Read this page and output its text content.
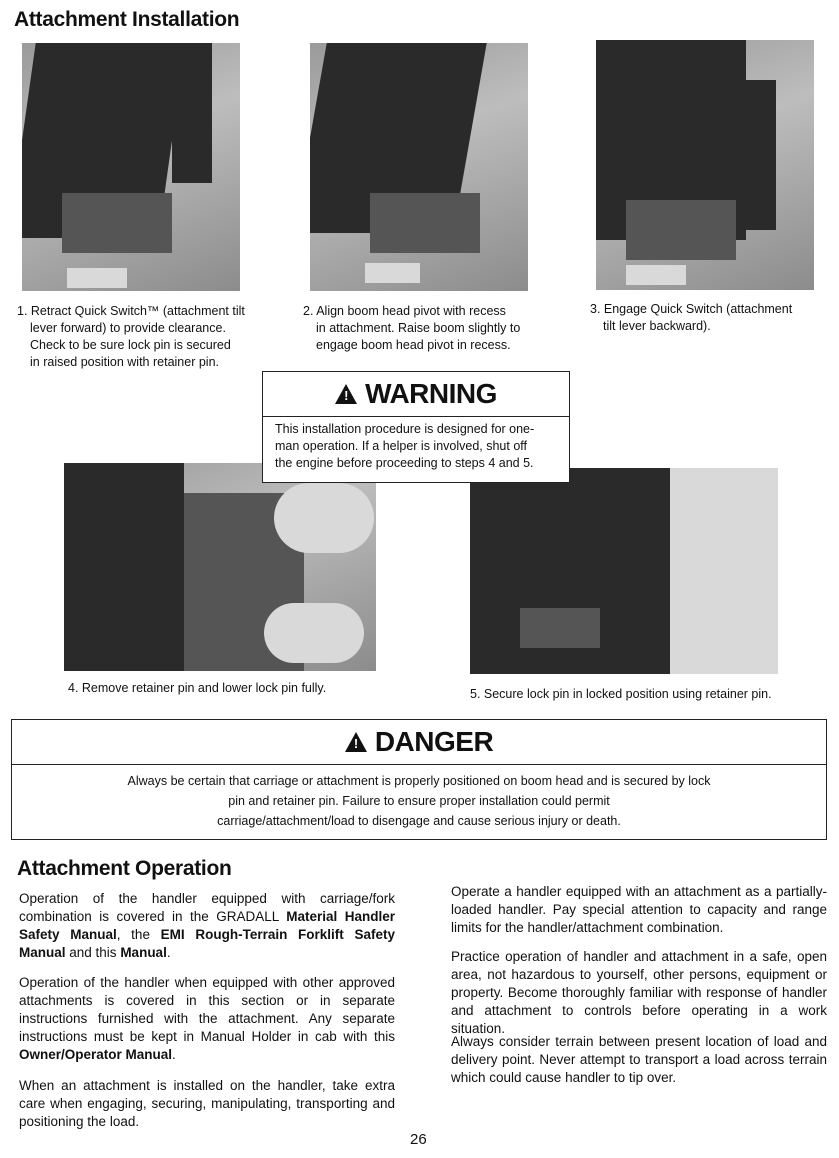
Attachment Installation
1. Retract Quick Switch™ (attachment tilt
lever forward) to provide clearance.
Check to be sure lock pin is secured
in raised position with retainer pin.
2. Align boom head pivot with recess
in attachment. Raise boom slightly to
engage boom head pivot in recess.
3. Engage Quick Switch (attachment
tilt lever backward).
! WARNING
This installation procedure is designed for one-
man operation. If a helper is involved, shut off
the engine before proceeding to steps 4 and 5.
4. Remove retainer pin and lower lock pin fully.	5. Secure lock pin in locked position using retainer pin.
! DANGER
Always be certain that carriage or attachment is properly positioned on boom head and is secured by lock
pin and retainer pin. Failure to ensure proper installation could permit
carriage/attachment/load to disengage and cause serious injury or death.
Attachment Operation
Operation of the handler equipped with carriage/fork combination is covered in the GRADALL Material Handler Safety Manual, the EMI Rough-Terrain Forklift Safety Manual and this Manual.
Operation of the handler when equipped with other approved attachments is covered in this section or in separate instructions furnished with the attachment. Any separate instructions must be kept in Manual Holder in cab with this Owner/Operator Manual.
When an attachment is installed on the handler, take extra care when engaging, securing, manipulating, transporting and positioning the load.
Operate a handler equipped with an attachment as a partially-loaded handler. Pay special attention to capacity and range limits for the handler/attachment combination.
Practice operation of handler and attachment in a safe, open area, not hazardous to yourself, other persons, equipment or property. Become thoroughly familiar with response of handler and attachment to controls before operating in a work situation.
Always consider terrain between present location of load and delivery point. Never attempt to transport a load across terrain which could cause handler to tip over.
26
